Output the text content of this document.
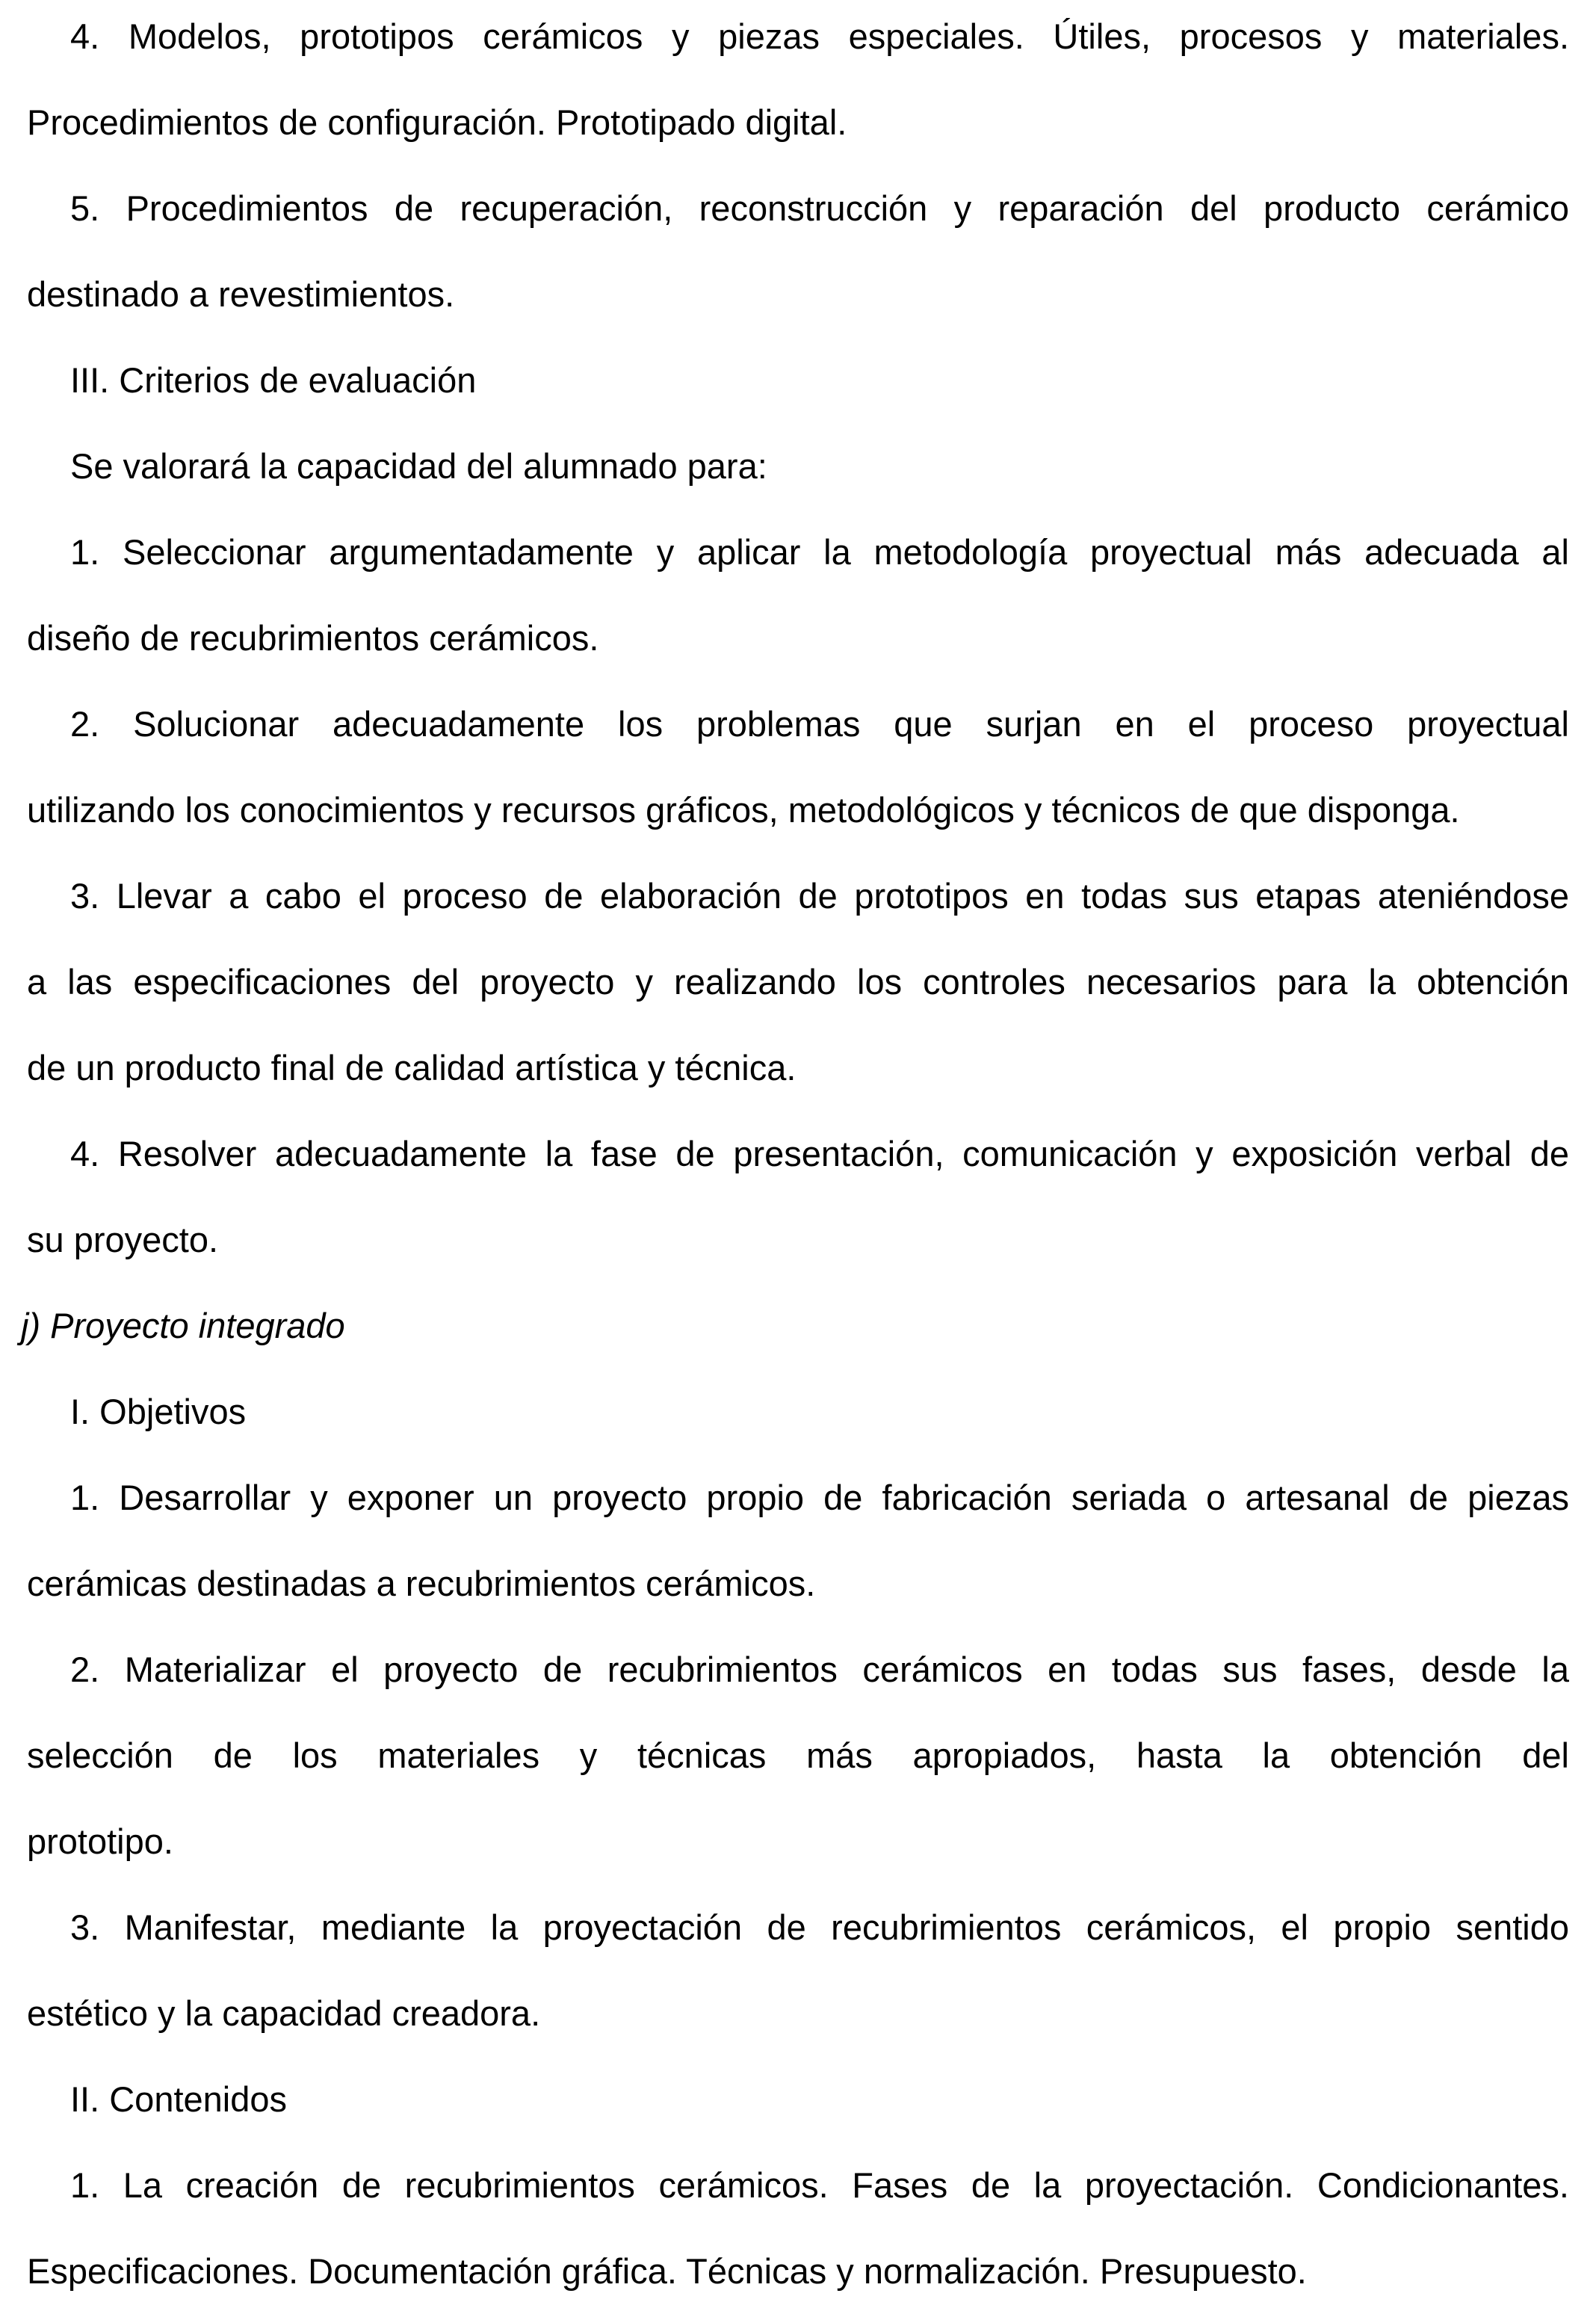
4. Modelos, prototipos cerámicos y piezas especiales. Útiles, procesos y materiales.
Procedimientos de configuración. Prototipado digital.
5. Procedimientos de recuperación, reconstrucción y reparación del producto cerámico
destinado a revestimientos.
III. Criterios de evaluación
Se valorará la capacidad del alumnado para:
1. Seleccionar argumentadamente y aplicar la metodología proyectual más adecuada al
diseño de recubrimientos cerámicos.
2. Solucionar adecuadamente los problemas que surjan en el proceso proyectual
utilizando los conocimientos y recursos gráficos, metodológicos y técnicos de que disponga.
3. Llevar a cabo el proceso de elaboración de prototipos en todas sus etapas ateniéndose
a las especificaciones del proyecto y realizando los controles necesarios para la obtención
de un producto final de calidad artística y técnica.
4. Resolver adecuadamente la fase de presentación, comunicación y exposición verbal de
su proyecto.
j) Proyecto integrado
I. Objetivos
1. Desarrollar y exponer un proyecto propio de fabricación seriada o artesanal de piezas
cerámicas destinadas a recubrimientos cerámicos.
2. Materializar el proyecto de recubrimientos cerámicos en todas sus fases, desde la
selección de los materiales y técnicas más apropiados, hasta la obtención del
prototipo.
3. Manifestar, mediante la proyectación de recubrimientos cerámicos, el propio sentido
estético y la capacidad creadora.
II. Contenidos
1. La creación de recubrimientos cerámicos. Fases de la proyectación. Condicionantes.
Especificaciones. Documentación gráfica. Técnicas y normalización. Presupuesto.
